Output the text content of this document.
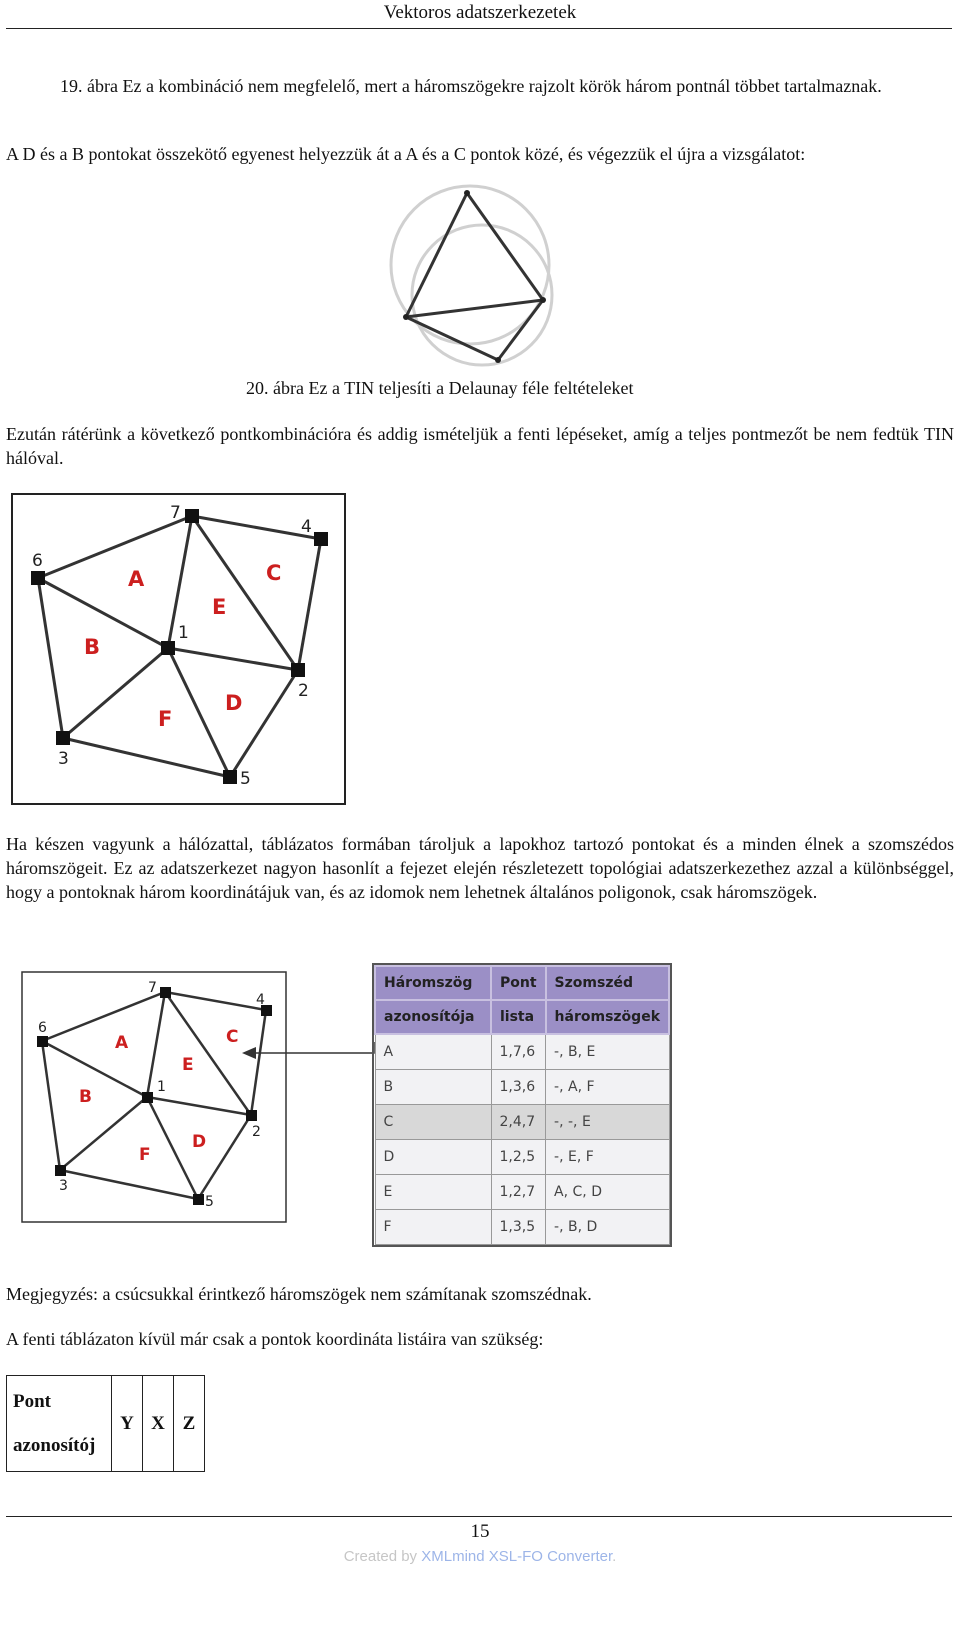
Vektoros adatszerkezetek
19. ábra Ez a kombináció nem megfelelő, mert a háromszögekre rajzolt körök három pontnál többet tartalmaznak.
A D és a B pontokat összekötő egyenest helyezzük át a A és a C pontok közé, és végezzük el újra a vizsgálatot:
20. ábra Ez a TIN teljesíti a Delaunay féle feltételeket
Ezután rátérünk a következő pontkombinációra és addig ismételjük a fenti lépéseket, amíg a teljes pontmezőt be nem fedtük TIN hálóval.
7
4
6
1
2
3
5
A
B
C
D
E
F
Ha készen vagyunk a hálózattal, táblázatos formában tároljuk a lapokhoz tartozó pontokat és a minden élnek a szomszédos háromszögeit. Ez az adatszerkezet nagyon hasonlít a fejezet elején részletezett topológiai adatszerkezethez azzal a különbséggel, hogy a pontoknak három koordinátájuk van, és az idomok nem lehetnek általános poligonok, csak háromszögek.
7
4
6
1
2
3
5
A
B
C
D
E
F
Háromszög	Pont	Szomszéd
azonosítója	lista	háromszögek
A	1,7,6	-, B, E
B	1,3,6	-, A, F
C	2,4,7	-, -, E
D	1,2,5	-, E, F
E	1,2,7	A, C, D
F	1,3,5	-, B, D
Megjegyzés: a csúcsukkal érintkező háromszögek nem számítanak szomszédnak.
A fenti táblázaton kívül már csak a pontok koordináta listáira van szükség:
Pont
azonosítój	Y	X	Z
15
Created by XMLmind XSL-FO Converter.
